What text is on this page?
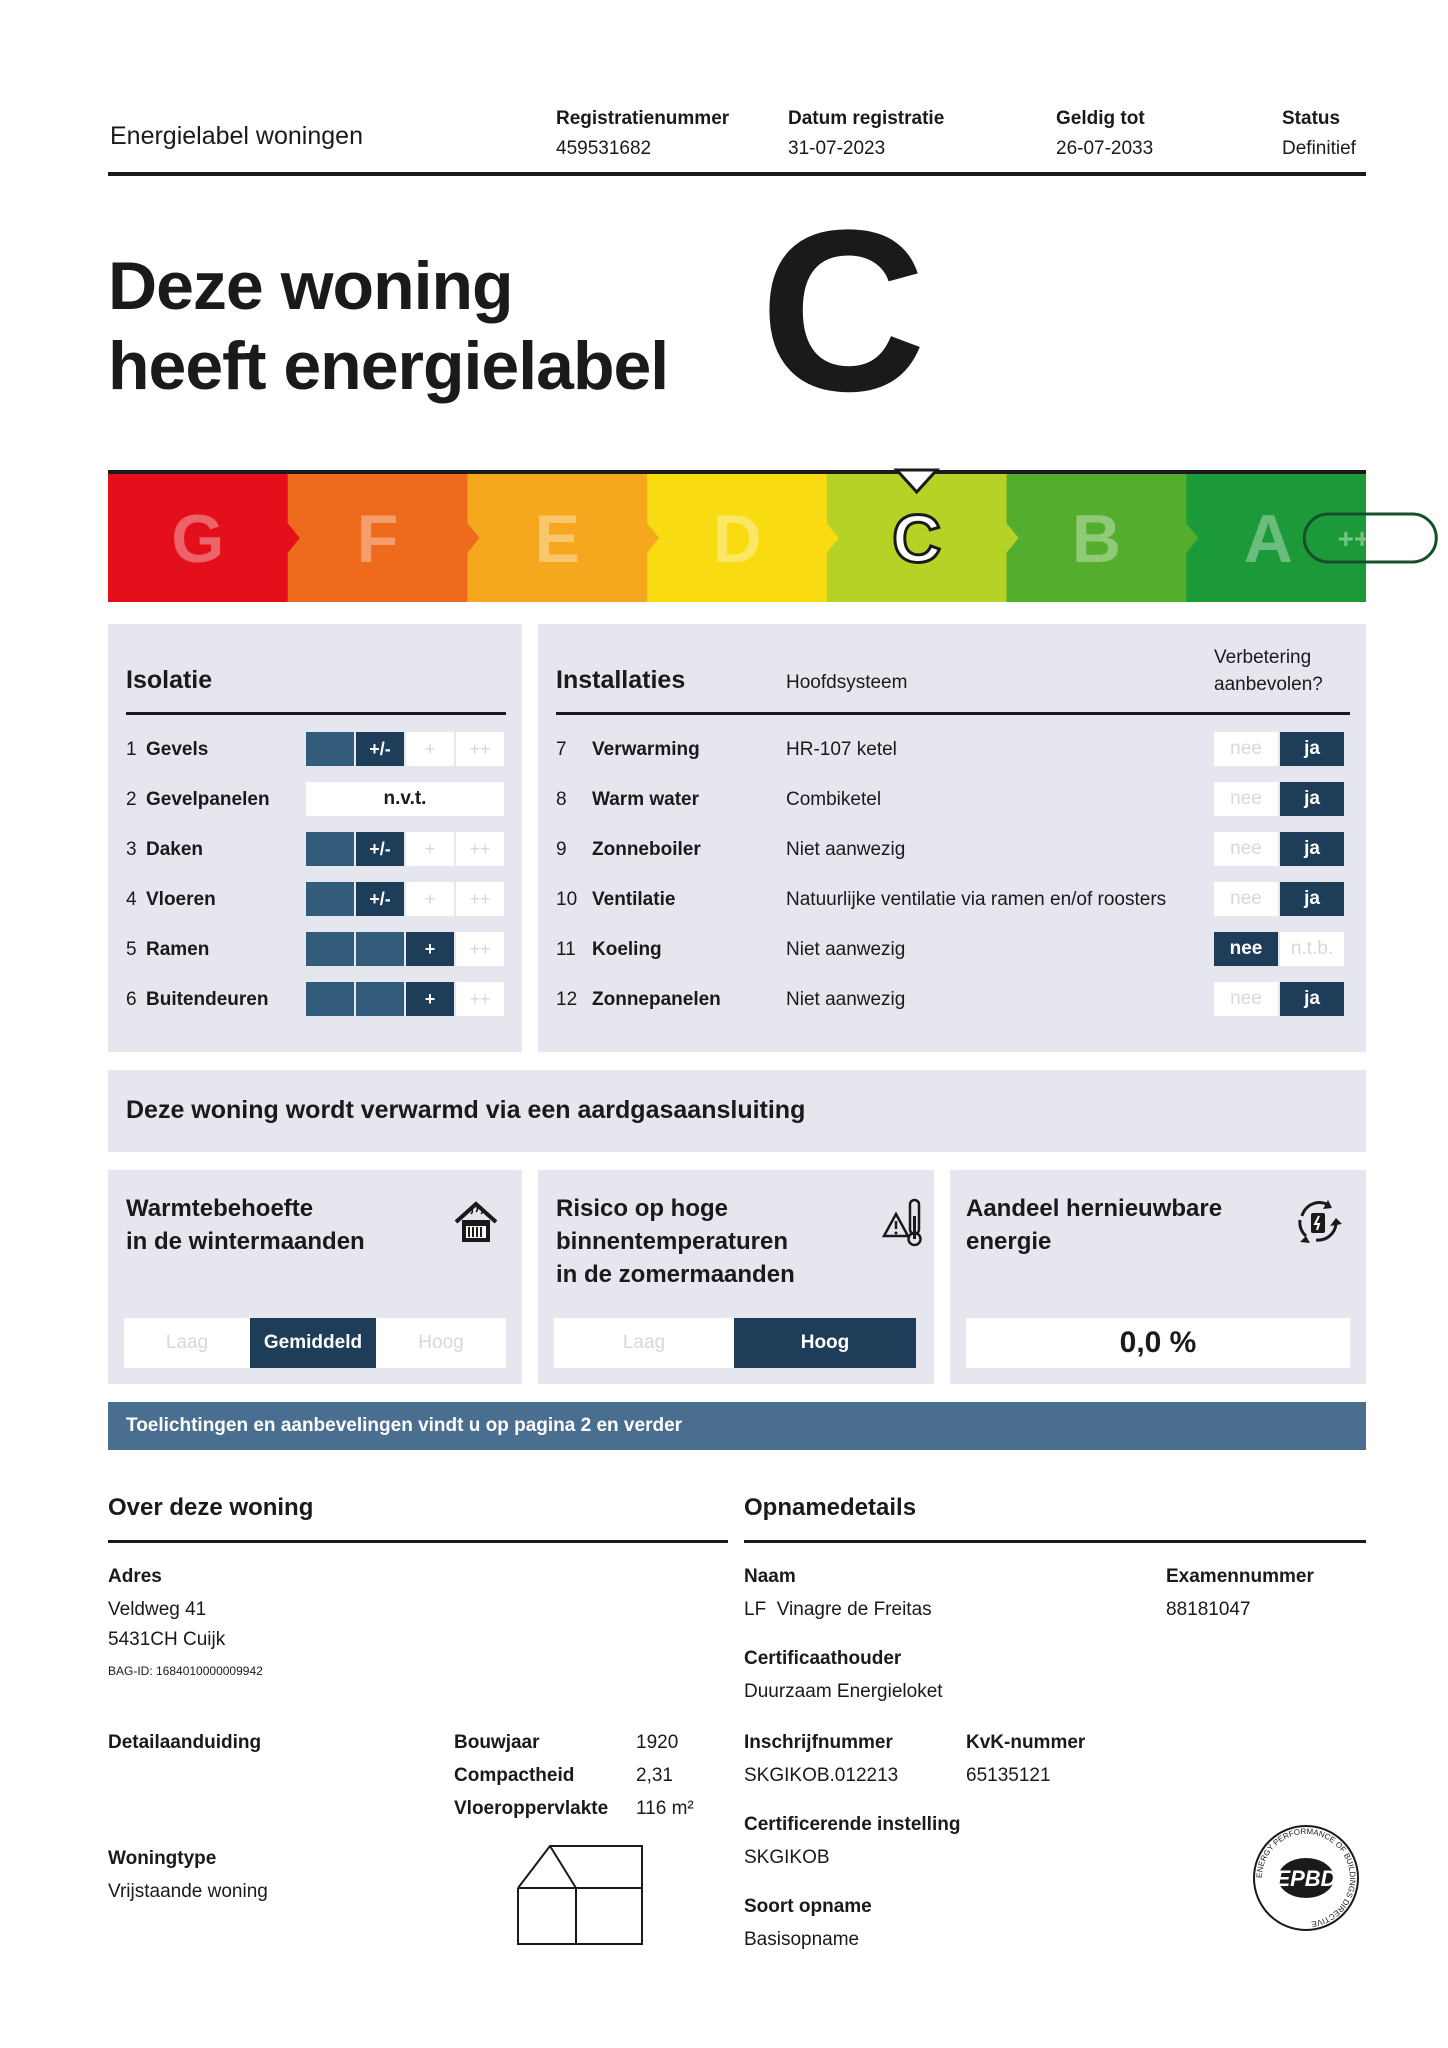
Energielabel woningen
Registratienummer
459531682
Datum registratie
31-07-2023
Geldig tot
26-07-2033
Status
Definitief
Deze woning
heeft energielabel C
G F E D C B A ++++
Isolatie
1 Gevels	+/-	+	++
2 Gevelpanelen	n.v.t.
3 Daken	+/-	+	++
4 Vloeren	+/-	+	++
5 Ramen	+	++
6 Buitendeuren	+	++
Installaties	Hoofdsysteem
Verbetering
aanbevolen?
7 Verwarming	HR-107 ketel	nee	ja
8 Warm water	Combiketel	nee	ja
9 Zonneboiler	Niet aanwezig	nee	ja
10 Ventilatie	Natuurlijke ventilatie via ramen en/of roosters	nee	ja
11 Koeling	Niet aanwezig	nee	n.t.b.
12 Zonnepanelen	Niet aanwezig	nee	ja
Deze woning wordt verwarmd via een aardgasaansluiting
Warmtebehoefte
in de wintermaanden
Laag	Gemiddeld	Hoog
Risico op hoge
binnentemperaturen
in de zomermaanden
Laag	Hoog
Aandeel hernieuwbare
energie
0,0 %
Toelichtingen en aanbevelingen vindt u op pagina 2 en verder
Over deze woning
Adres
Veldweg 41
5431CH Cuijk
BAG-ID: 1684010000009942
Detailaanduiding	Bouwjaar	1920
Compactheid	2,31
Vloeroppervlakte 116 m²
Woningtype
Vrijstaande woning
Opnamedetails
Naam
LF  Vinagre de Freitas
Examennummer
88181047
Certificaathouder
Duurzaam Energieloket
Inschrijfnummer
SKGIKOB.012213
KvK-nummer
65135121
Certificerende instelling
SKGIKOB
Soort opname
Basisopname
ENERGY PERFORMANCE OF BUILDINGS DIRECTIVE
EPBD
